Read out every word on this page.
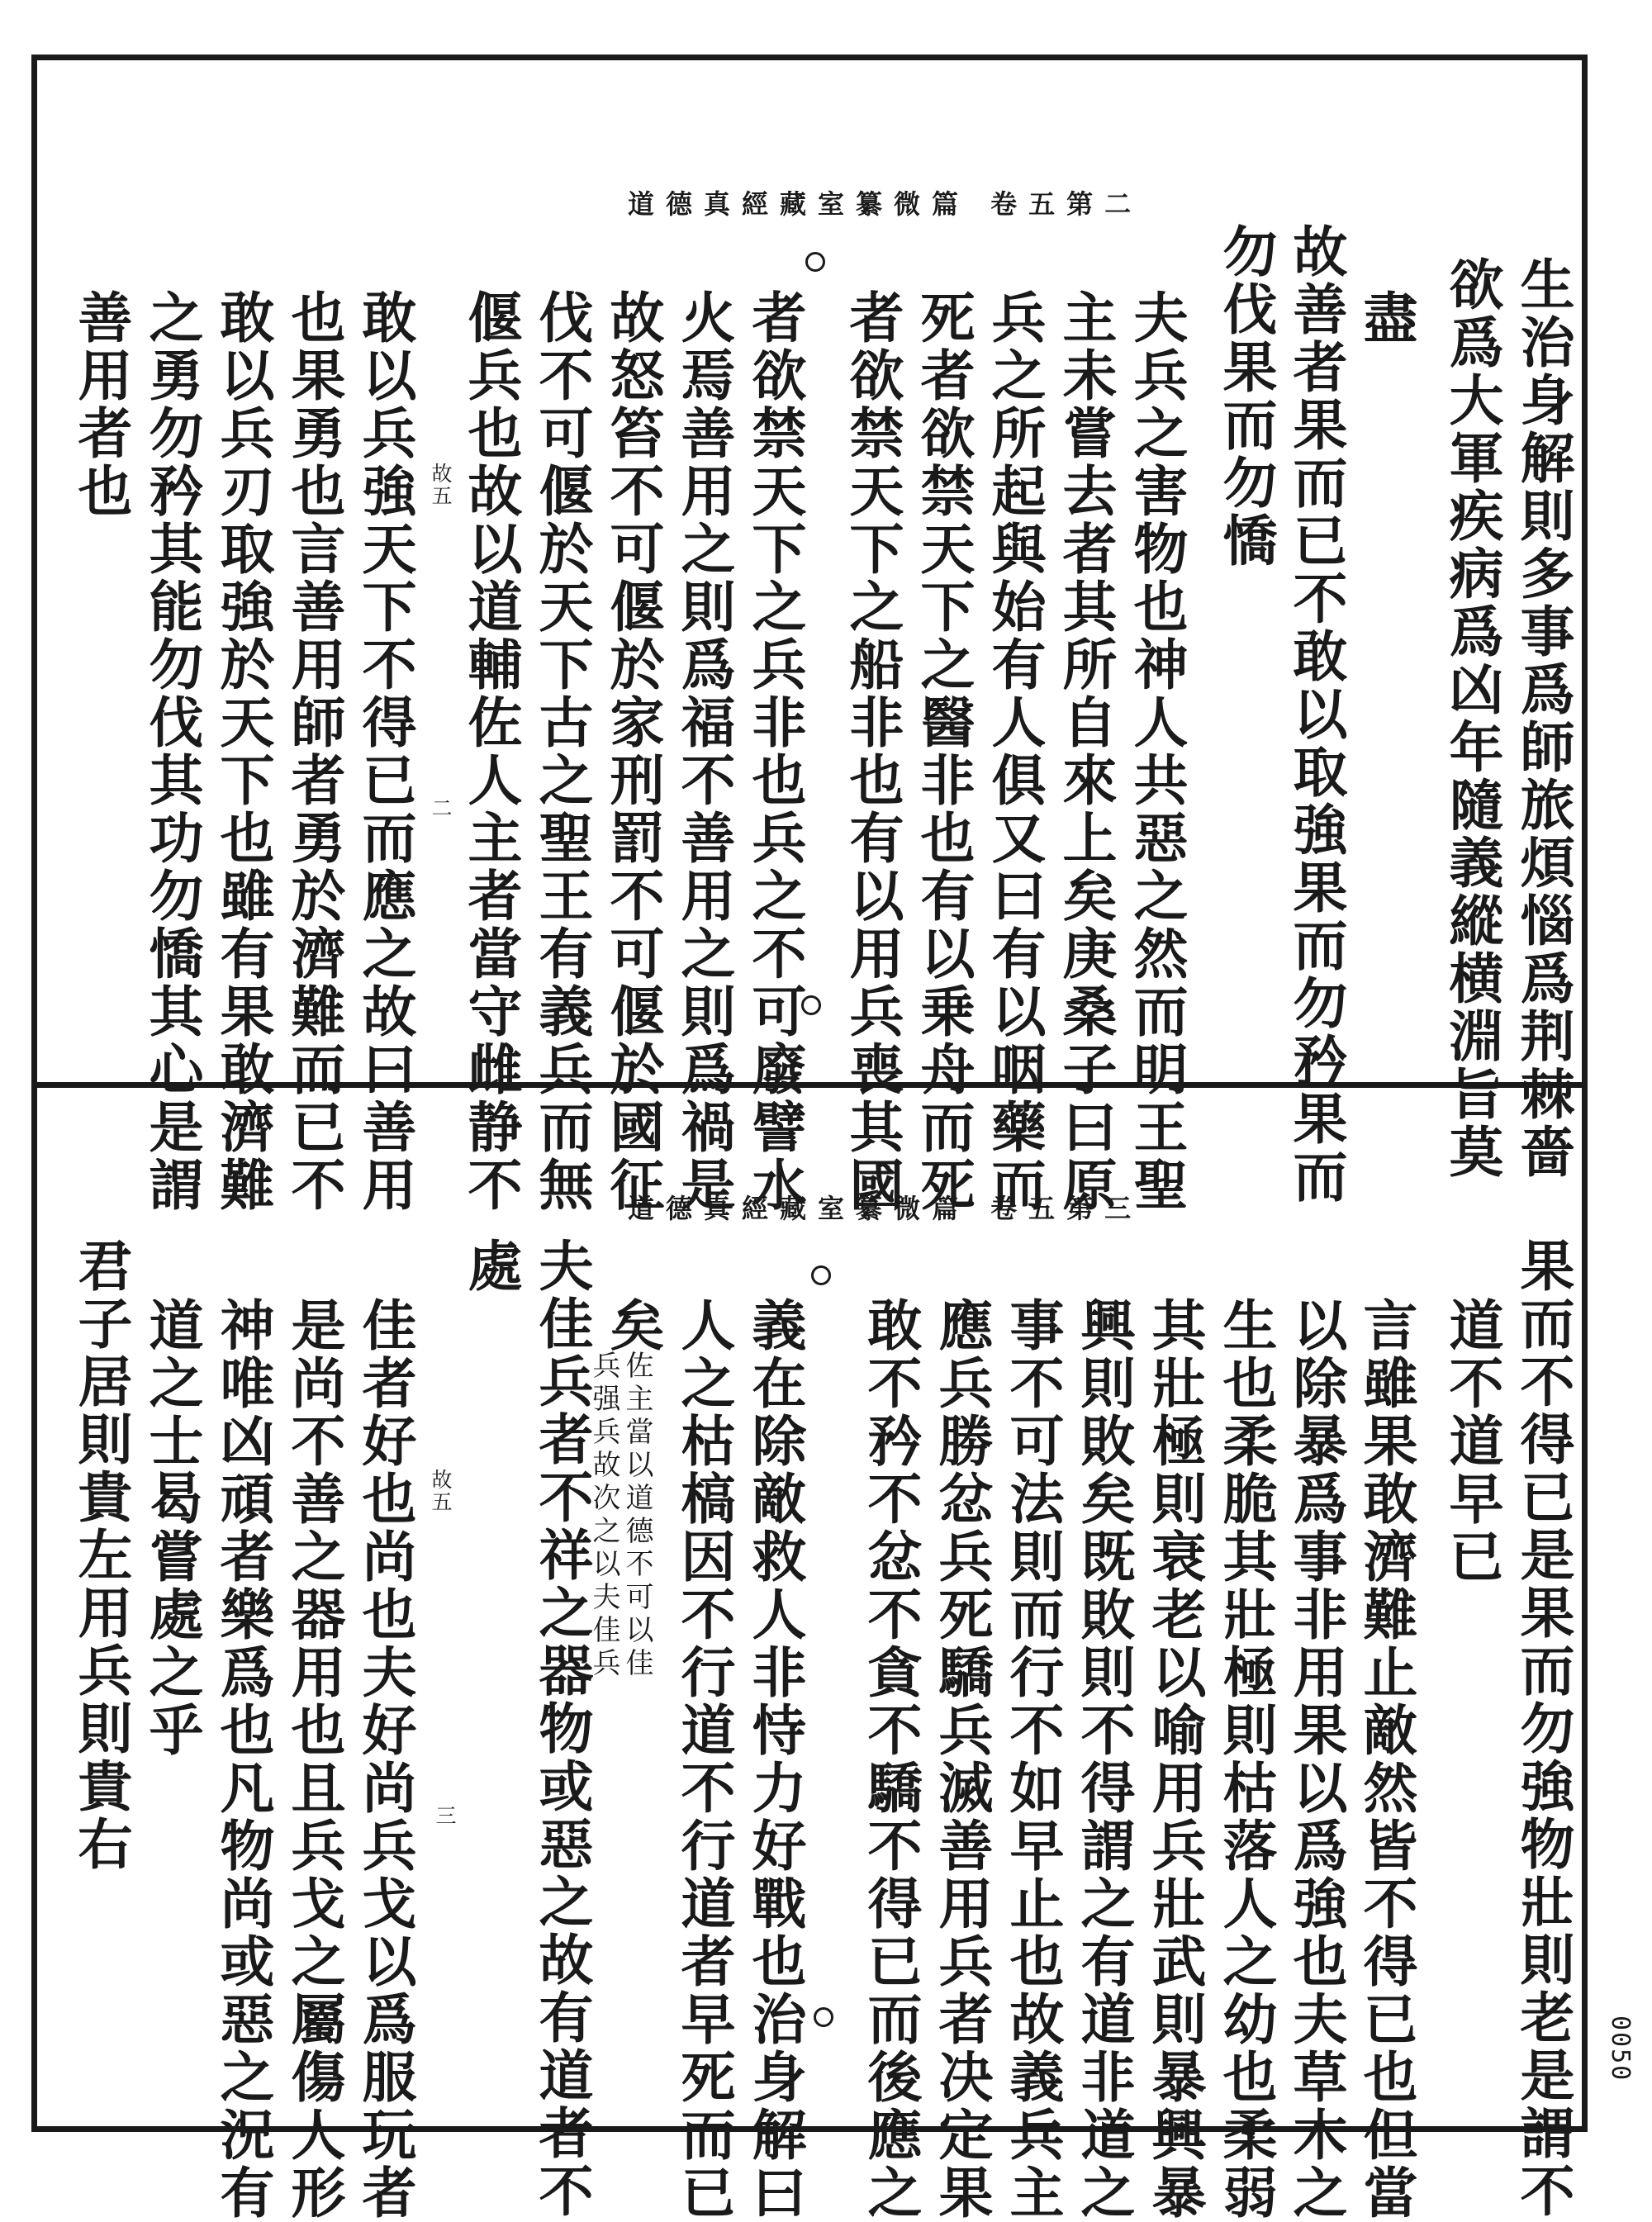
道德真經藏室纂微篇 卷五第二
生治身解則多事爲師旅煩惱爲荆棘嗇
欲爲大軍疾病爲凶年隨義縱横淵旨莫
盡
故善者果而已不敢以取強果而勿矜果而
勿伐果而勿憍
夫兵之害物也神人共惡之然而明王聖
主未嘗去者其所自來上矣庚桑子曰原
兵之所起與始有人俱又曰有以咽藥而
死者欲禁天下之醫非也有以乗舟而死
者欲禁天下之船非也有以用兵喪其國
者欲禁天下之兵非也兵之不可廢譬水
火焉善用之則爲福不善用之則爲禍是
故怒笞不可偃於家刑罰不可偃於國征
伐不可偃於天下古之聖王有義兵而無
偃兵也故以道輔佐人主者當守雌静不
敢以兵強天下不得已而應之故曰善用
也果勇也言善用師者勇於濟難而已不
敢以兵刃取強於天下也雖有果敢濟難
之勇勿矜其能勿伐其功勿憍其心是謂
善用者也	故五
二
道德真經藏室纂微篇 卷五第三
果而不得已是果而勿強物壯則老是謂不
道不道早已
言雖果敢濟難止敵然皆不得已也但當
以除暴爲事非用果以爲強也夫草木之
生也柔脆其壯極則枯落人之幼也柔弱
其壯極則衰老以喻用兵壯武則暴興暴
興則敗矣既敗則不得謂之有道非道之
事不可法則而行不如早止也故義兵主
應兵勝忿兵死驕兵滅善用兵者决定果
敢不矜不忿不貪不驕不得已而後應之
義在除敵救人非恃力好戰也治身解曰
人之枯槁因不行道不行道者早死而已
矣
佐主當以道德不可以佳
兵强兵故次之以夫佳兵
夫佳兵者不祥之器物或惡之故有道者不
處
佳者好也尚也夫好尚兵戈以爲服玩者
是尚不善之器用也且兵戈之屬傷人形
神唯凶頑者樂爲也凡物尚或惡之況有
道之士曷嘗處之乎
君子居則貴左用兵則貴右	故五
三
0050
